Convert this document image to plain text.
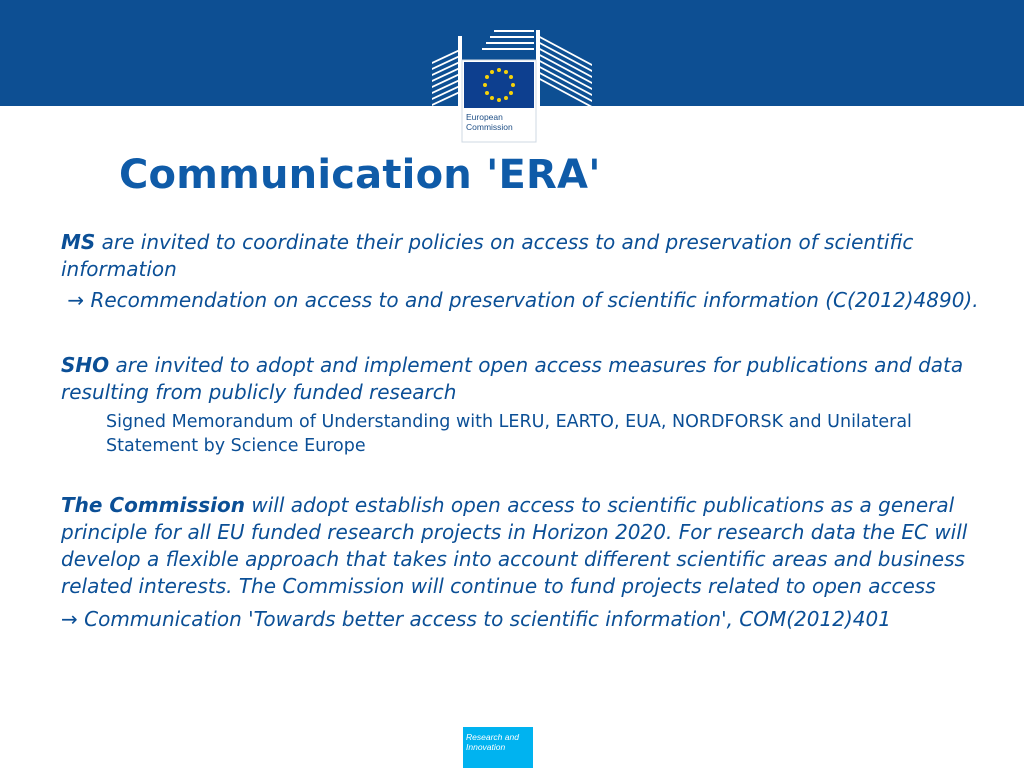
European
Commission
Communication 'ERA'

MS are invited to coordinate their policies on access to and preservation of scientific information

→ Recommendation on access to and preservation of scientific information (C(2012)4890).

SHO are invited to adopt and implement open access measures for publications and data resulting from publicly funded research

Signed Memorandum of Understanding with LERU, EARTO, EUA, NORDFORSK and Unilateral Statement by Science Europe

The Commission will adopt establish open access to scientific publications as a general principle for all EU funded research projects in Horizon 2020. For research data the EC will develop a flexible approach that takes into account different scientific areas and business related interests. The Commission will continue to fund projects related to open access

→ Communication 'Towards better access to scientific information', COM(2012)401

Research and
Innovation
